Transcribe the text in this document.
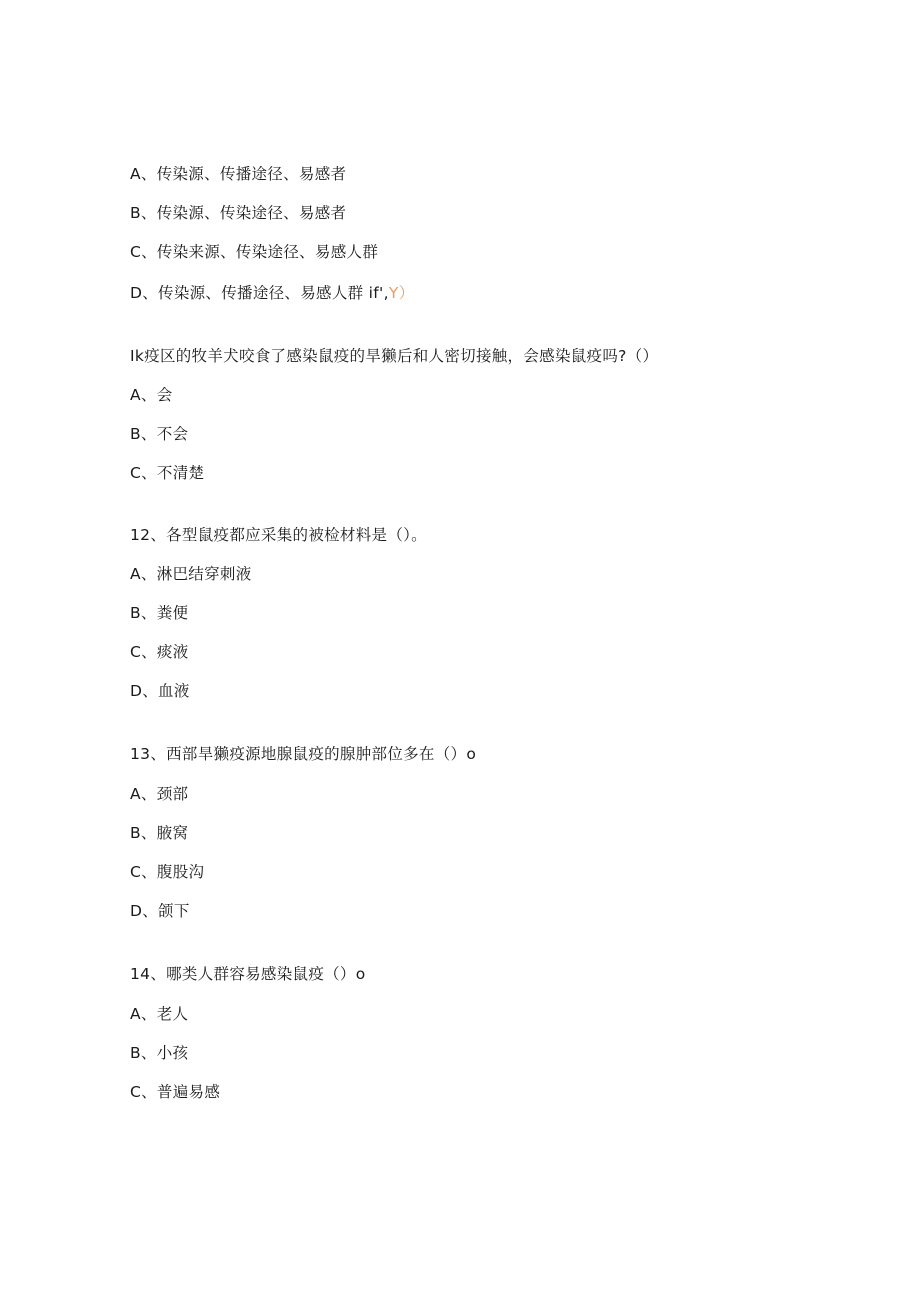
A、传染源、传播途径、易感者
B、传染源、传染途径、易感者
C、传染来源、传染途径、易感人群
D、传染源、传播途径、易感人群 if',Y）
Ik疫区的牧羊犬咬食了感染鼠疫的旱獭后和人密切接触，会感染鼠疫吗?（）
A、会
B、不会
C、不清楚
12、各型鼠疫都应采集的被检材料是（）。
A、淋巴结穿刺液
B、粪便
C、痰液
D、血液
13、西部旱獭疫源地腺鼠疫的腺肿部位多在（）o
A、颈部
B、腋窝
C、腹股沟
D、颌下
14、哪类人群容易感染鼠疫（）o
A、老人
B、小孩
C、普遍易感
